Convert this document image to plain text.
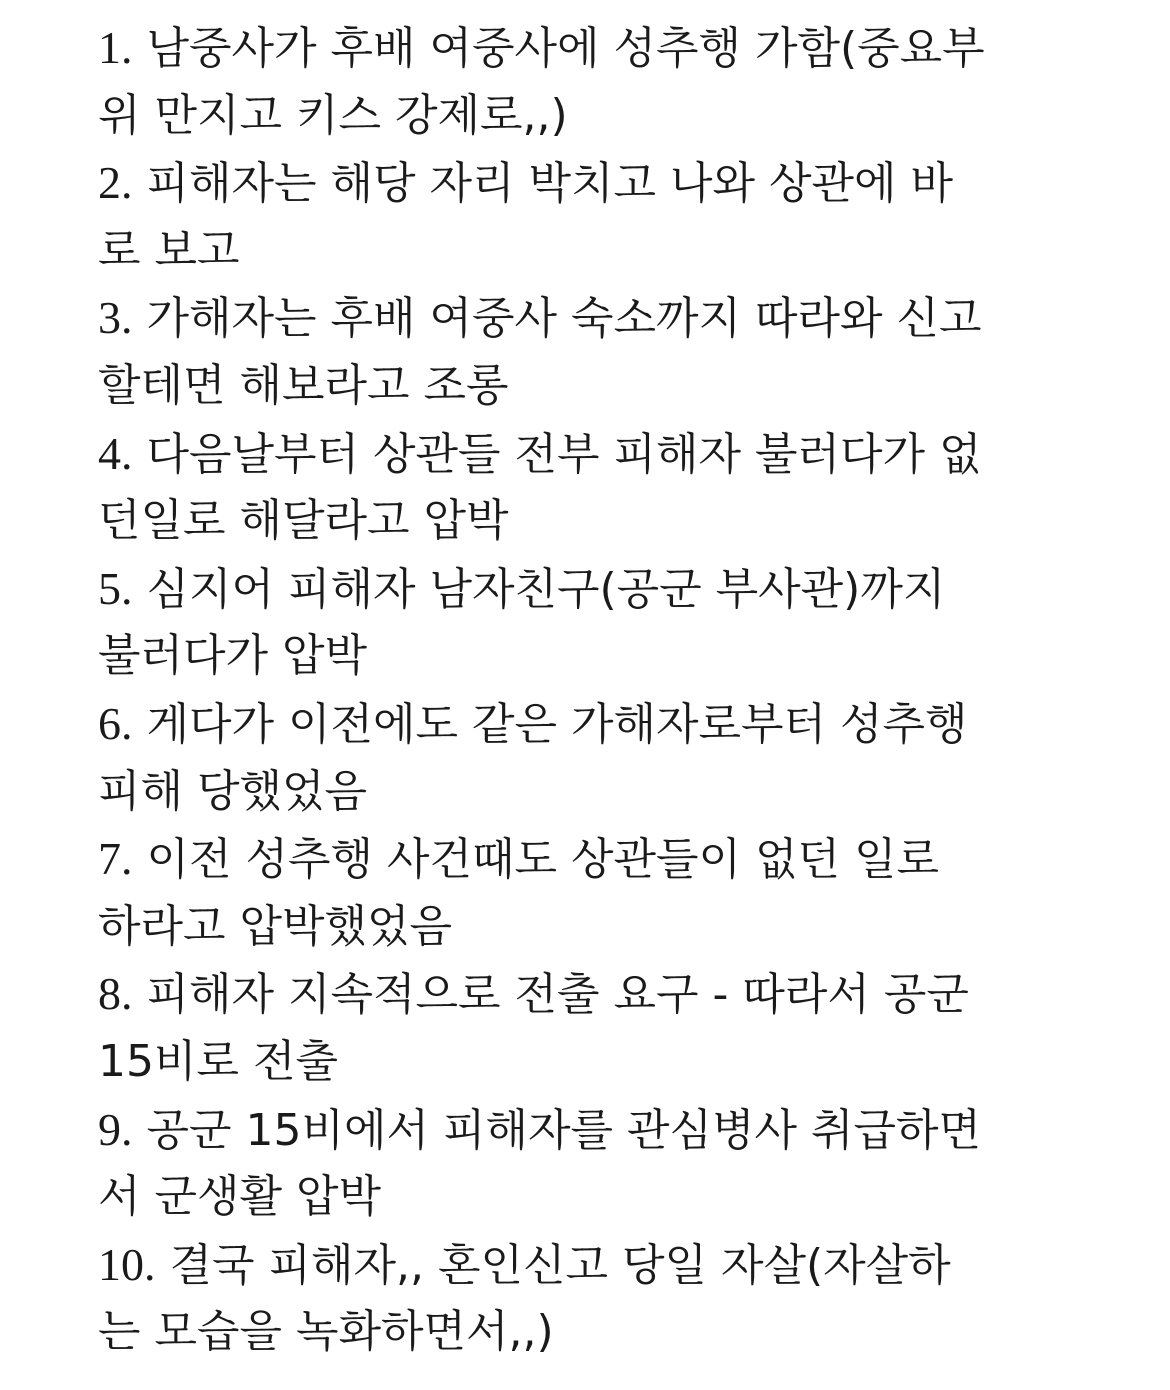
1. 남중사가 후배 여중사에 성추행 가함(중요부
위 만지고 키스 강제로,,)
2. 피해자는 해당 자리 박치고 나와 상관에 바
로 보고
3. 가해자는 후배 여중사 숙소까지 따라와 신고
할테면 해보라고 조롱
4. 다음날부터 상관들 전부 피해자 불러다가 없
던일로 해달라고 압박
5. 심지어 피해자 남자친구(공군 부사관)까지
불러다가 압박
6. 게다가 이전에도 같은 가해자로부터 성추행
피해 당했었음
7. 이전 성추행 사건때도 상관들이 없던 일로
하라고 압박했었음
8. 피해자 지속적으로 전출 요구 - 따라서 공군
15비로 전출
9. 공군 15비에서 피해자를 관심병사 취급하면
서 군생활 압박
10. 결국 피해자,, 혼인신고 당일 자살(자살하
는 모습을 녹화하면서,,)
